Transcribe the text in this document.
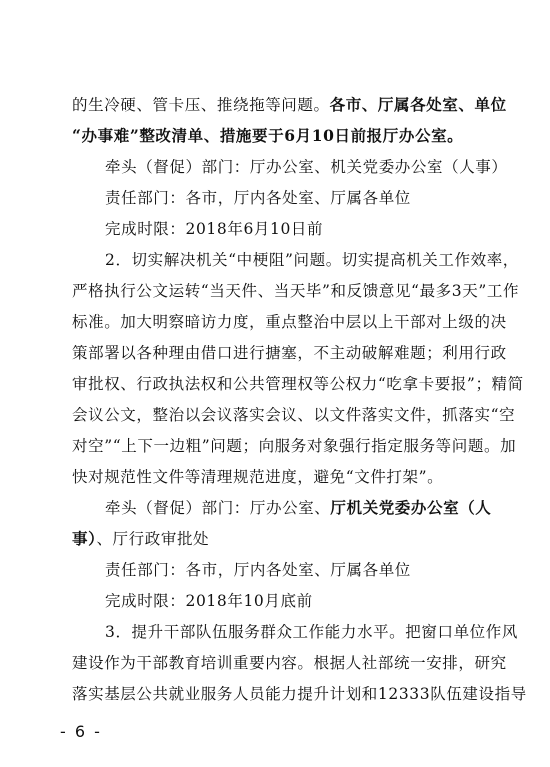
的生冷硬、管卡压、推绕拖等问题。各市、厅属各处室、单位
“办事难”整改清单、措施要于6月10日前报厅办公室。
牵头（督促）部门：厅办公室、机关党委办公室（人事）
责任部门：各市，厅内各处室、厅属各单位
完成时限：2018年6月10日前
2．切实解决机关“中梗阻”问题。切实提高机关工作效率，
严格执行公文运转“当天件、当天毕”和反馈意见“最多3天”工作
标准。加大明察暗访力度，重点整治中层以上干部对上级的决
策部署以各种理由借口进行搪塞，不主动破解难题；利用行政
审批权、行政执法权和公共管理权等公权力“吃拿卡要报”；精简
会议公文，整治以会议落实会议、以文件落实文件，抓落实“空
对空”“上下一边粗”问题；向服务对象强行指定服务等问题。加
快对规范性文件等清理规范进度，避免“文件打架”。
牵头（督促）部门：厅办公室、厅机关党委办公室（人
事）、厅行政审批处
责任部门：各市，厅内各处室、厅属各单位
完成时限：2018年10月底前
3．提升干部队伍服务群众工作能力水平。把窗口单位作风
建设作为干部教育培训重要内容。根据人社部统一安排，研究
落实基层公共就业服务人员能力提升计划和12333队伍建设指导
- 6 -
